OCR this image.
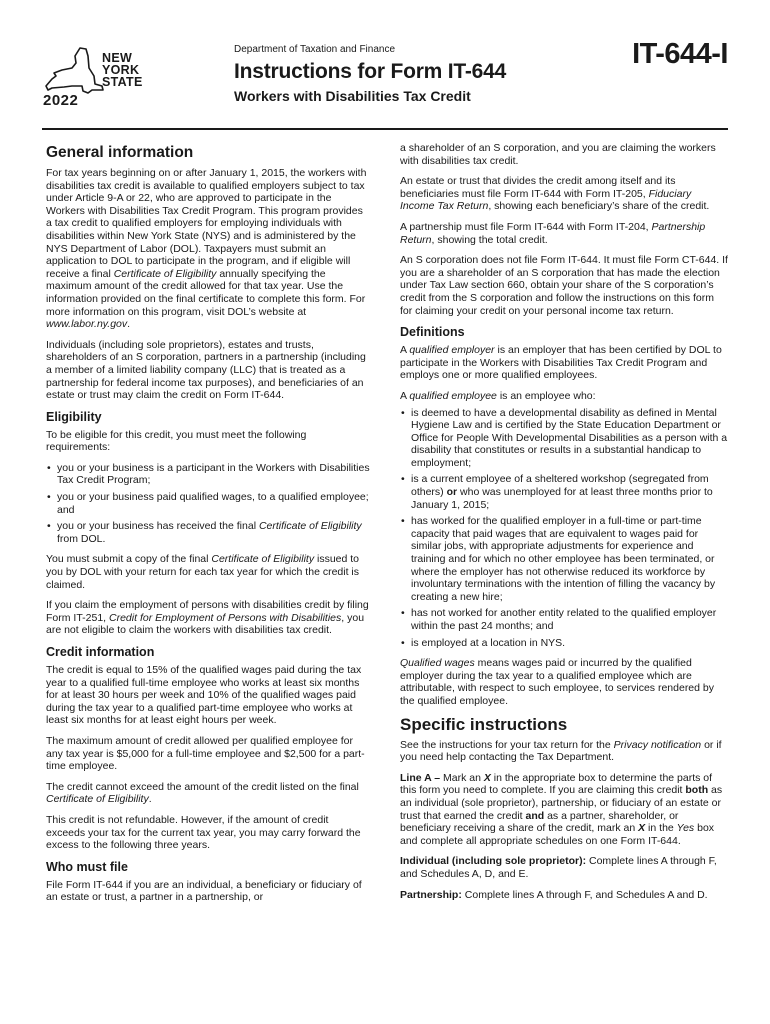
NEW
YORK
STATE
2022
Department of Taxation and Finance
Instructions for Form IT-644
Workers with Disabilities Tax Credit
IT-644-I
General information

For tax years beginning on or after January 1, 2015, the workers with disabilities tax credit is available to qualified employers subject to tax under Article 9-A or 22, who are approved to participate in the Workers with Disabilities Tax Credit Program. This program provides a tax credit to qualified employers for employing individuals with disabilities within New York State (NYS) and is administered by the NYS Department of Labor (DOL). Taxpayers must submit an application to DOL to participate in the program, and if eligible will receive a final Certificate of Eligibility annually specifying the maximum amount of the credit allowed for that tax year. Use the information provided on the final certificate to complete this form. For more information on this program, visit DOL’s website at www.labor.ny.gov.

Individuals (including sole proprietors), estates and trusts, shareholders of an S corporation, partners in a partnership (including a member of a limited liability company (LLC) that is treated as a partnership for federal income tax purposes), and beneficiaries of an estate or trust may claim the credit on Form IT-644.

Eligibility

To be eligible for this credit, you must meet the following requirements:

• you or your business is a participant in the Workers with Disabilities Tax Credit Program;
• you or your business paid qualified wages, to a qualified employee; and
• you or your business has received the final Certificate of Eligibility from DOL.

You must submit a copy of the final Certificate of Eligibility issued to you by DOL with your return for each tax year for which the credit is claimed.

If you claim the employment of persons with disabilities credit by filing Form IT-251, Credit for Employment of Persons with Disabilities, you are not eligible to claim the workers with disabilities tax credit.

Credit information

The credit is equal to 15% of the qualified wages paid during the tax year to a qualified full-time employee who works at least six months for at least 30 hours per week and 10% of the qualified wages paid during the tax year to a qualified part-time employee who works at least six months for at least eight hours per week.

The maximum amount of credit allowed per qualified employee for any tax year is $5,000 for a full-time employee and $2,500 for a part-time employee.

The credit cannot exceed the amount of the credit listed on the final Certificate of Eligibility.

This credit is not refundable. However, if the amount of credit exceeds your tax for the current tax year, you may carry forward the excess to the following three years.

Who must file

File Form IT-644 if you are an individual, a beneficiary or fiduciary of an estate or trust, a partner in a partnership, or

a shareholder of an S corporation, and you are claiming the workers with disabilities tax credit.

An estate or trust that divides the credit among itself and its beneficiaries must file Form IT-644 with Form IT-205, Fiduciary Income Tax Return, showing each beneficiary’s share of the credit.

A partnership must file Form IT-644 with Form IT-204, Partnership Return, showing the total credit.

An S corporation does not file Form IT-644. It must file Form CT-644. If you are a shareholder of an S corporation that has made the election under Tax Law section 660, obtain your share of the S corporation’s credit from the S corporation and follow the instructions on this form for claiming your credit on your personal income tax return.

Definitions

A qualified employer is an employer that has been certified by DOL to participate in the Workers with Disabilities Tax Credit Program and employs one or more qualified employees.

A qualified employee is an employee who:

• is deemed to have a developmental disability as defined in Mental Hygiene Law and is certified by the State Education Department or Office for People With Developmental Disabilities as a person with a disability that constitutes or results in a substantial handicap to employment;
• is a current employee of a sheltered workshop (segregated from others) or who was unemployed for at least three months prior to January 1, 2015;
• has worked for the qualified employer in a full-time or part-time capacity that paid wages that are equivalent to wages paid for similar jobs, with appropriate adjustments for experience and training and for which no other employee has been terminated, or where the employer has not otherwise reduced its workforce by involuntary terminations with the intention of filling the vacancy by creating a new hire;
• has not worked for another entity related to the qualified employer within the past 24 months; and
• is employed at a location in NYS.

Qualified wages means wages paid or incurred by the qualified employer during the tax year to a qualified employee which are attributable, with respect to such employee, to services rendered by the qualified employee.

Specific instructions

See the instructions for your tax return for the Privacy notification or if you need help contacting the Tax Department.

Line A – Mark an X in the appropriate box to determine the parts of this form you need to complete. If you are claiming this credit both as an individual (sole proprietor), partnership, or fiduciary of an estate or trust that earned the credit and as a partner, shareholder, or beneficiary receiving a share of the credit, mark an X in the Yes box and complete all appropriate schedules on one Form IT-644.

Individual (including sole proprietor): Complete lines A through F, and Schedules A, D, and E.

Partnership: Complete lines A through F, and Schedules A and D.
